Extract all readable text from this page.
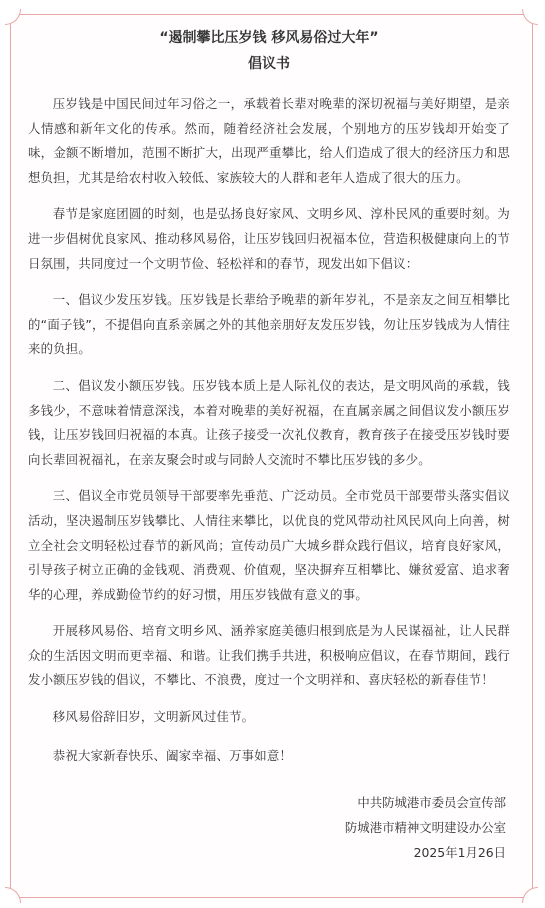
“遏制攀比压岁钱 移风易俗过大年”

倡议书

压岁钱是中国民间过年习俗之一，承载着长辈对晚辈的深切祝福与美好期望，是亲人情感和新年文化的传承。然而，随着经济社会发展，个别地方的压岁钱却开始变了味，金额不断增加，范围不断扩大，出现严重攀比，给人们造成了很大的经济压力和思想负担，尤其是给农村收入较低、家族较大的人群和老年人造成了很大的压力。

春节是家庭团圆的时刻，也是弘扬良好家风、文明乡风、淳朴民风的重要时刻。为进一步倡树优良家风、推动移风易俗，让压岁钱回归祝福本位，营造积极健康向上的节日氛围，共同度过一个文明节俭、轻松祥和的春节，现发出如下倡议：

一、倡议少发压岁钱。压岁钱是长辈给予晚辈的新年岁礼，不是亲友之间互相攀比的“面子钱”，不提倡向直系亲属之外的其他亲朋好友发压岁钱，勿让压岁钱成为人情往来的负担。

二、倡议发小额压岁钱。压岁钱本质上是人际礼仪的表达，是文明风尚的承载，钱多钱少，不意味着情意深浅，本着对晚辈的美好祝福，在直属亲属之间倡议发小额压岁钱，让压岁钱回归祝福的本真。让孩子接受一次礼仪教育，教育孩子在接受压岁钱时要向长辈回祝福礼，在亲友聚会时或与同龄人交流时不攀比压岁钱的多少。

三、倡议全市党员领导干部要率先垂范、广泛动员。全市党员干部要带头落实倡议活动，坚决遏制压岁钱攀比、人情往来攀比，以优良的党风带动社风民风向上向善，树立全社会文明轻松过春节的新风尚；宣传动员广大城乡群众践行倡议，培育良好家风，引导孩子树立正确的金钱观、消费观、价值观，坚决摒弃互相攀比、嫌贫爱富、追求奢华的心理，养成勤俭节约的好习惯，用压岁钱做有意义的事。

开展移风易俗、培育文明乡风、涵养家庭美德归根到底是为人民谋福祉，让人民群众的生活因文明而更幸福、和谐。让我们携手共进，积极响应倡议，在春节期间，践行发小额压岁钱的倡议，不攀比、不浪费，度过一个文明祥和、喜庆轻松的新春佳节！

移风易俗辞旧岁，文明新风过佳节。

恭祝大家新春快乐、阖家幸福、万事如意！

中共防城港市委员会宣传部
防城港市精神文明建设办公室
2025年1月26日
